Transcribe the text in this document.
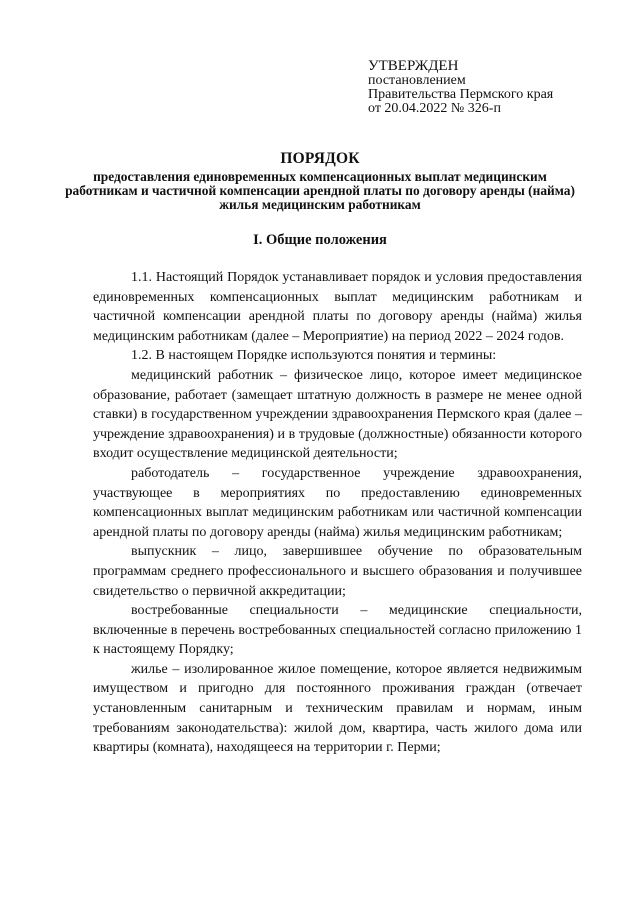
УТВЕРЖДЕН
постановлением
Правительства Пермского края
от 20.04.2022 № 326-п
ПОРЯДОК
предоставления единовременных компенсационных выплат медицинским работникам и частичной компенсации арендной платы по договору аренды (найма) жилья медицинским работникам
I. Общие положения

1.1. Настоящий Порядок устанавливает порядок и условия предоставления единовременных компенсационных выплат медицинским работникам и частичной компенсации арендной платы по договору аренды (найма) жилья медицинским работникам (далее – Мероприятие) на период 2022 – 2024 годов.

1.2. В настоящем Порядке используются понятия и термины:

медицинский работник – физическое лицо, которое имеет медицинское образование, работает (замещает штатную должность в размере не менее одной ставки) в государственном учреждении здравоохранения Пермского края (далее – учреждение здравоохранения) и в трудовые (должностные) обязанности которого входит осуществление медицинской деятельности;

работодатель – государственное учреждение здравоохранения, участвующее в мероприятиях по предоставлению единовременных компенсационных выплат медицинским работникам или частичной компенсации арендной платы по договору аренды (найма) жилья медицинским работникам;

выпускник – лицо, завершившее обучение по образовательным программам среднего профессионального и высшего образования и получившее свидетельство о первичной аккредитации;

востребованные специальности – медицинские специальности, включенные в перечень востребованных специальностей согласно приложению 1 к настоящему Порядку;

жилье – изолированное жилое помещение, которое является недвижимым имуществом и пригодно для постоянного проживания граждан (отвечает установленным санитарным и техническим правилам и нормам, иным требованиям законодательства): жилой дом, квартира, часть жилого дома или квартиры (комната), находящееся на территории г. Перми;
